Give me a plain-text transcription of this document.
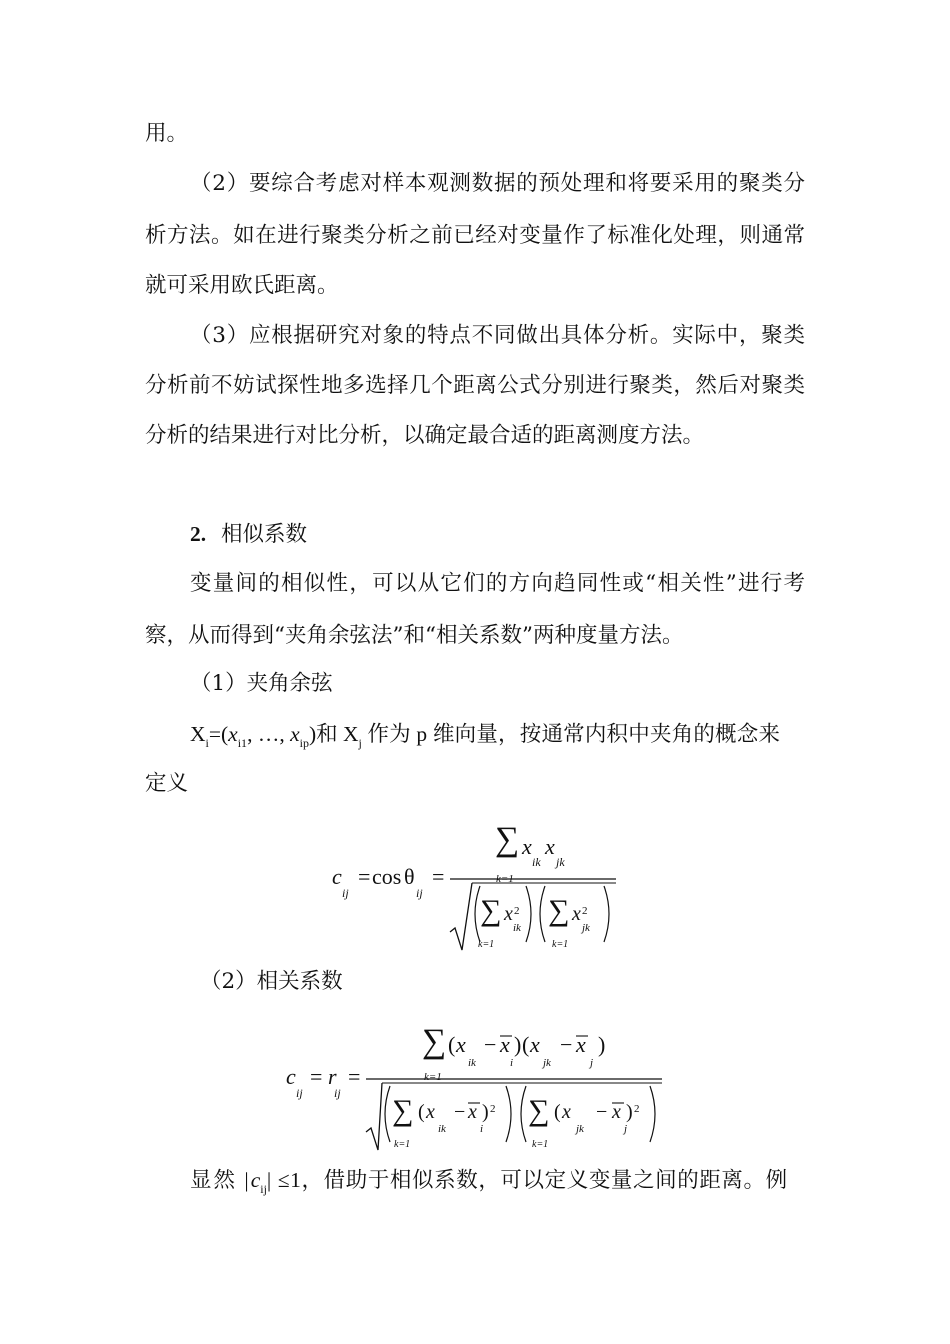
用。
（2）要综合考虑对样本观测数据的预处理和将要采用的聚类分
析方法。如在进行聚类分析之前已经对变量作了标准化处理，则通常
就可采用欧氏距离。
（3）应根据研究对象的特点不同做出具体分析。实际中，聚类
分析前不妨试探性地多选择几个距离公式分别进行聚类，然后对聚类
分析的结果进行对比分析，以确定最合适的距离测度方法。
2. 相似系数
变量间的相似性，可以从它们的方向趋同性或“相关性”进行考
察，从而得到“夹角余弦法”和“相关系数”两种度量方法。
（1）夹角余弦
$X_i=(x_{i1}$, …, $x_{ip}$)和 $X_j$ 作为 p 维向量，按通常内积中夹角的概念来
定义
c
ij
= cos θ
ij
=
∑ x
ik
x
jk
k=1
∑ x 2
ik
k=1
∑ x 2
jk
k=1
（2）相关系数
c
ij
= r
ij
=
∑ ( x
ik
− x
i
) ( x
jk
− x
j
)
k=1
∑ ( x
ik
− x
i
) 2
k=1
∑ ( x
jk
− x
j
) 2
k=1
显然 $|c_{ij}| \le 1$，借助于相似系数，可以定义变量之间的距离。例
